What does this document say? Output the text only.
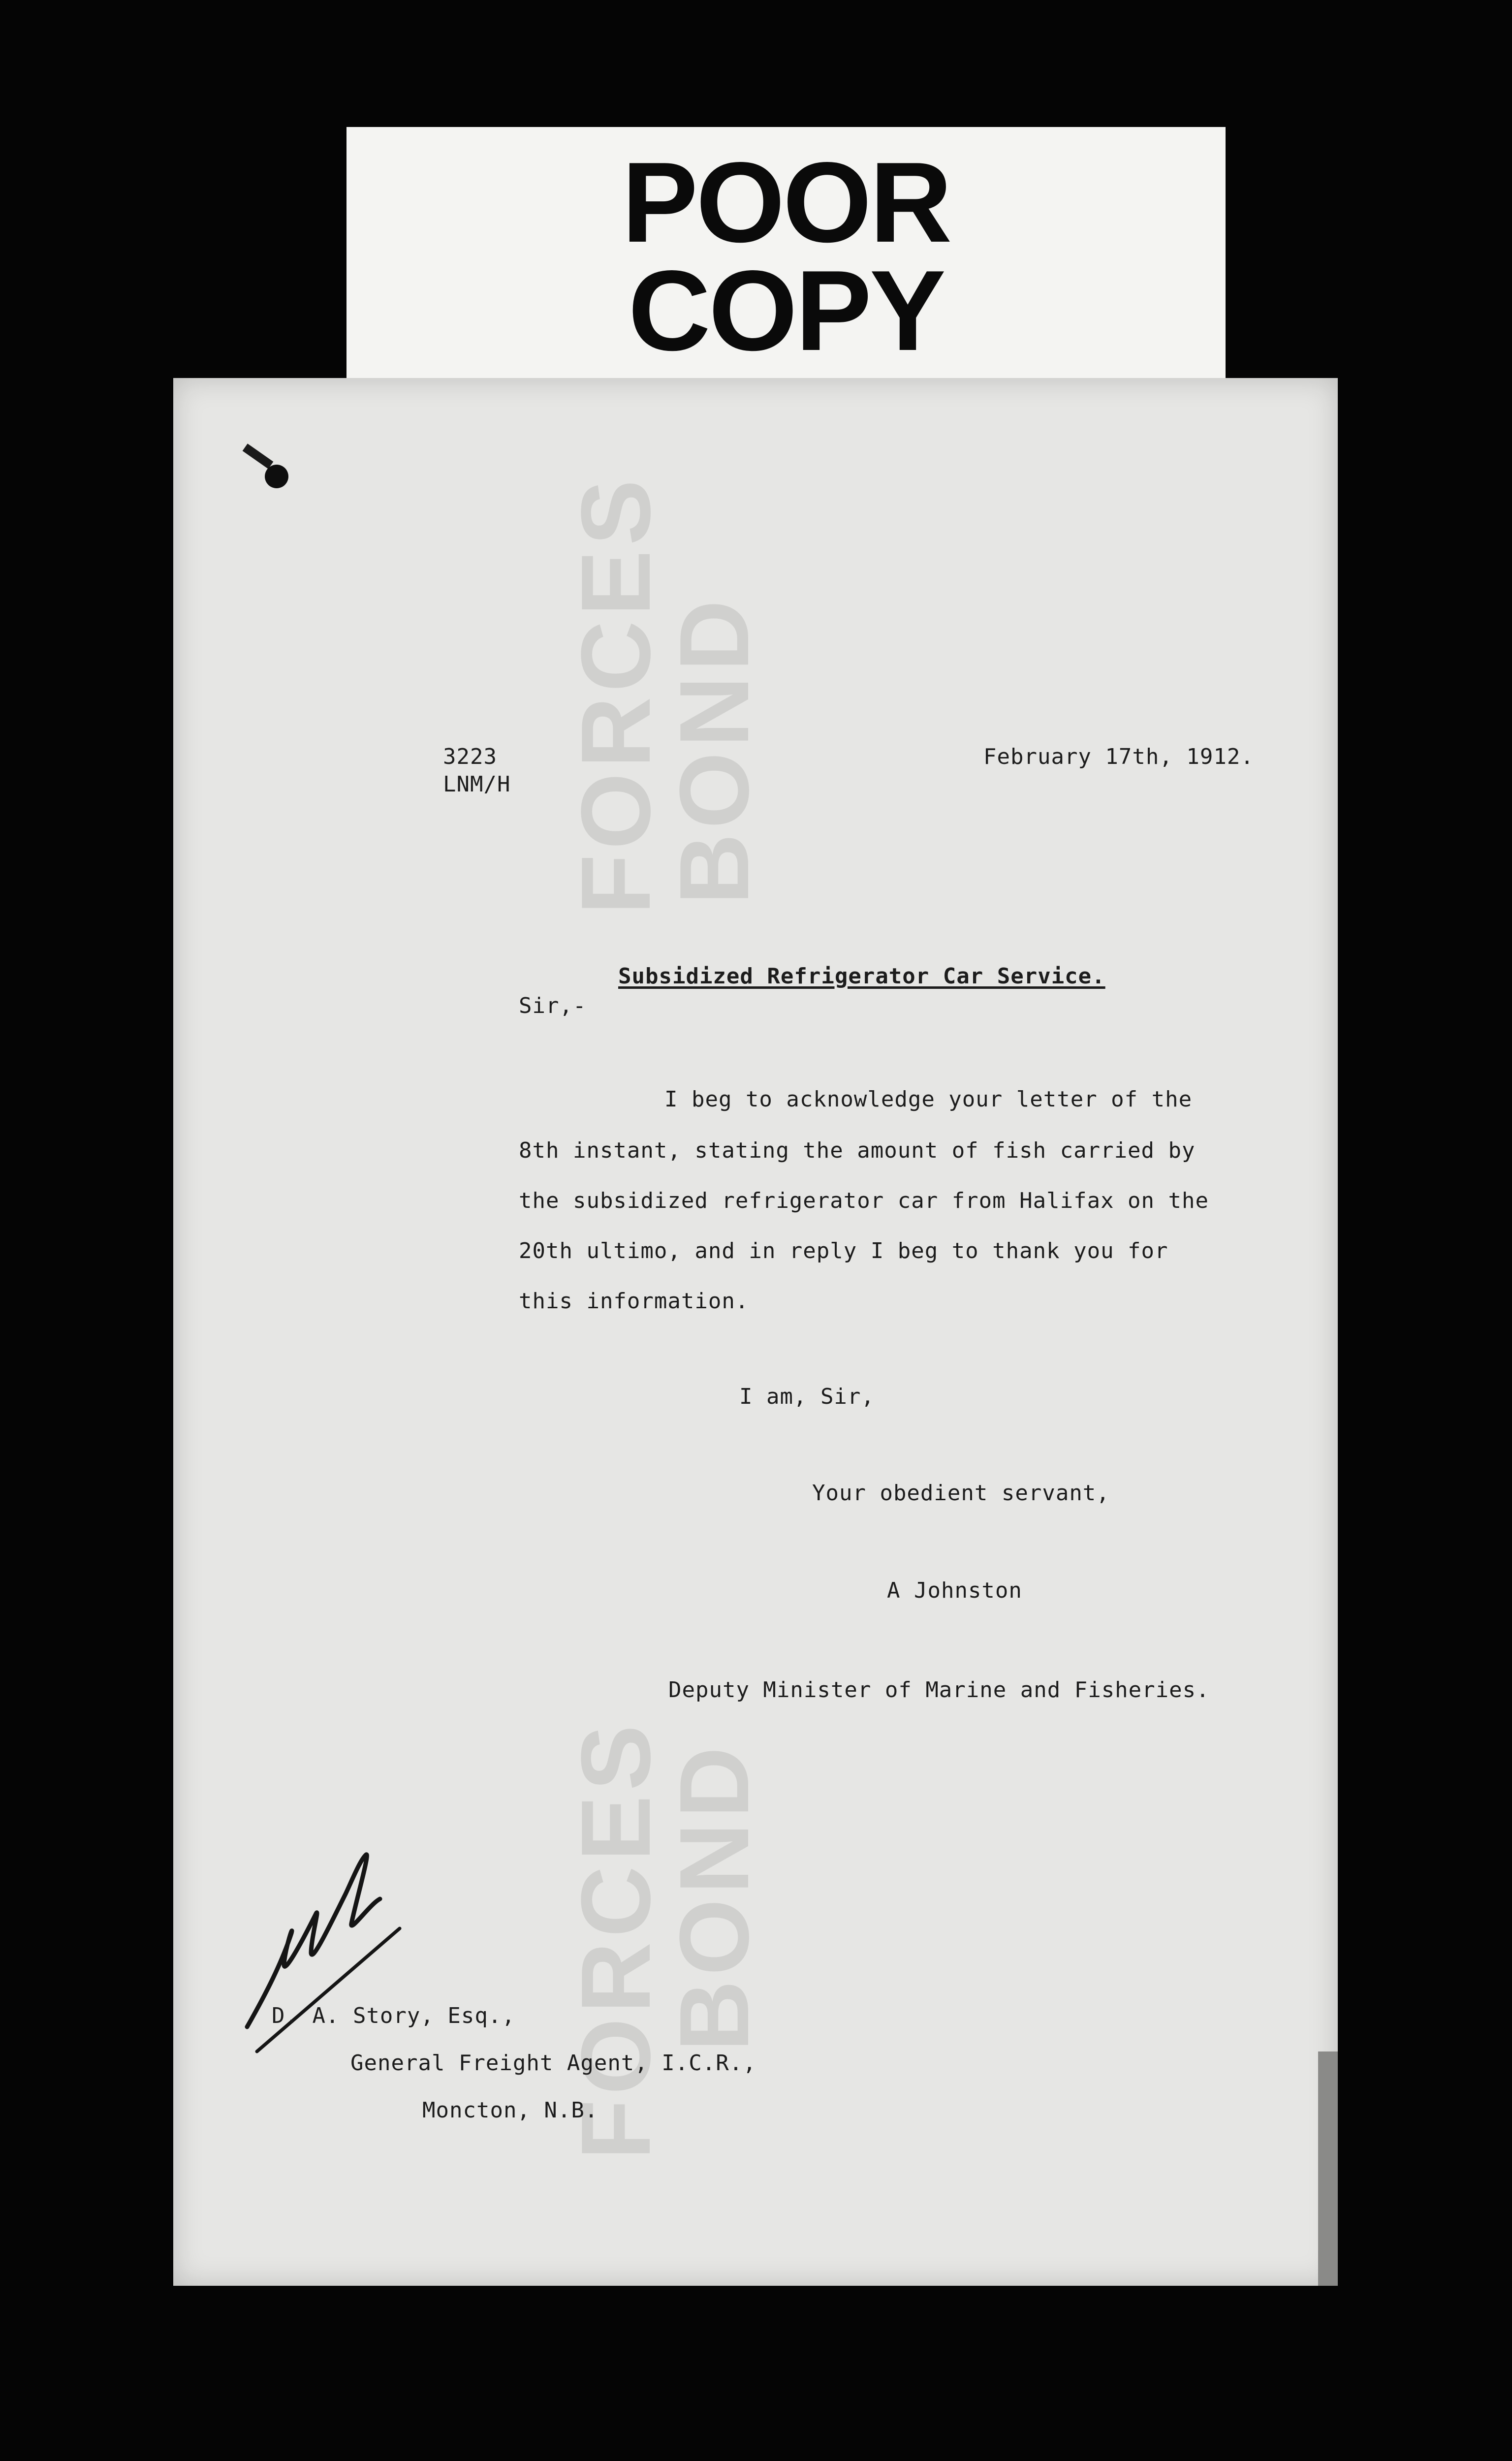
POOR
COPY
FORCES
BOND
FORCES
BOND
3223
LNM/H
February 17th, 1912.
Subsidized Refrigerator Car Service.
Sir,-
I beg to acknowledge your letter of the
8th instant, stating the amount of fish carried by
the subsidized refrigerator car from Halifax on the
20th ultimo, and in reply I beg to thank you for
this information.
I am, Sir,
Your obedient servant,
A Johnston
Deputy Minister of Marine and Fisheries.
D. A. Story, Esq.,
General Freight Agent, I.C.R.,
Moncton, N.B.
